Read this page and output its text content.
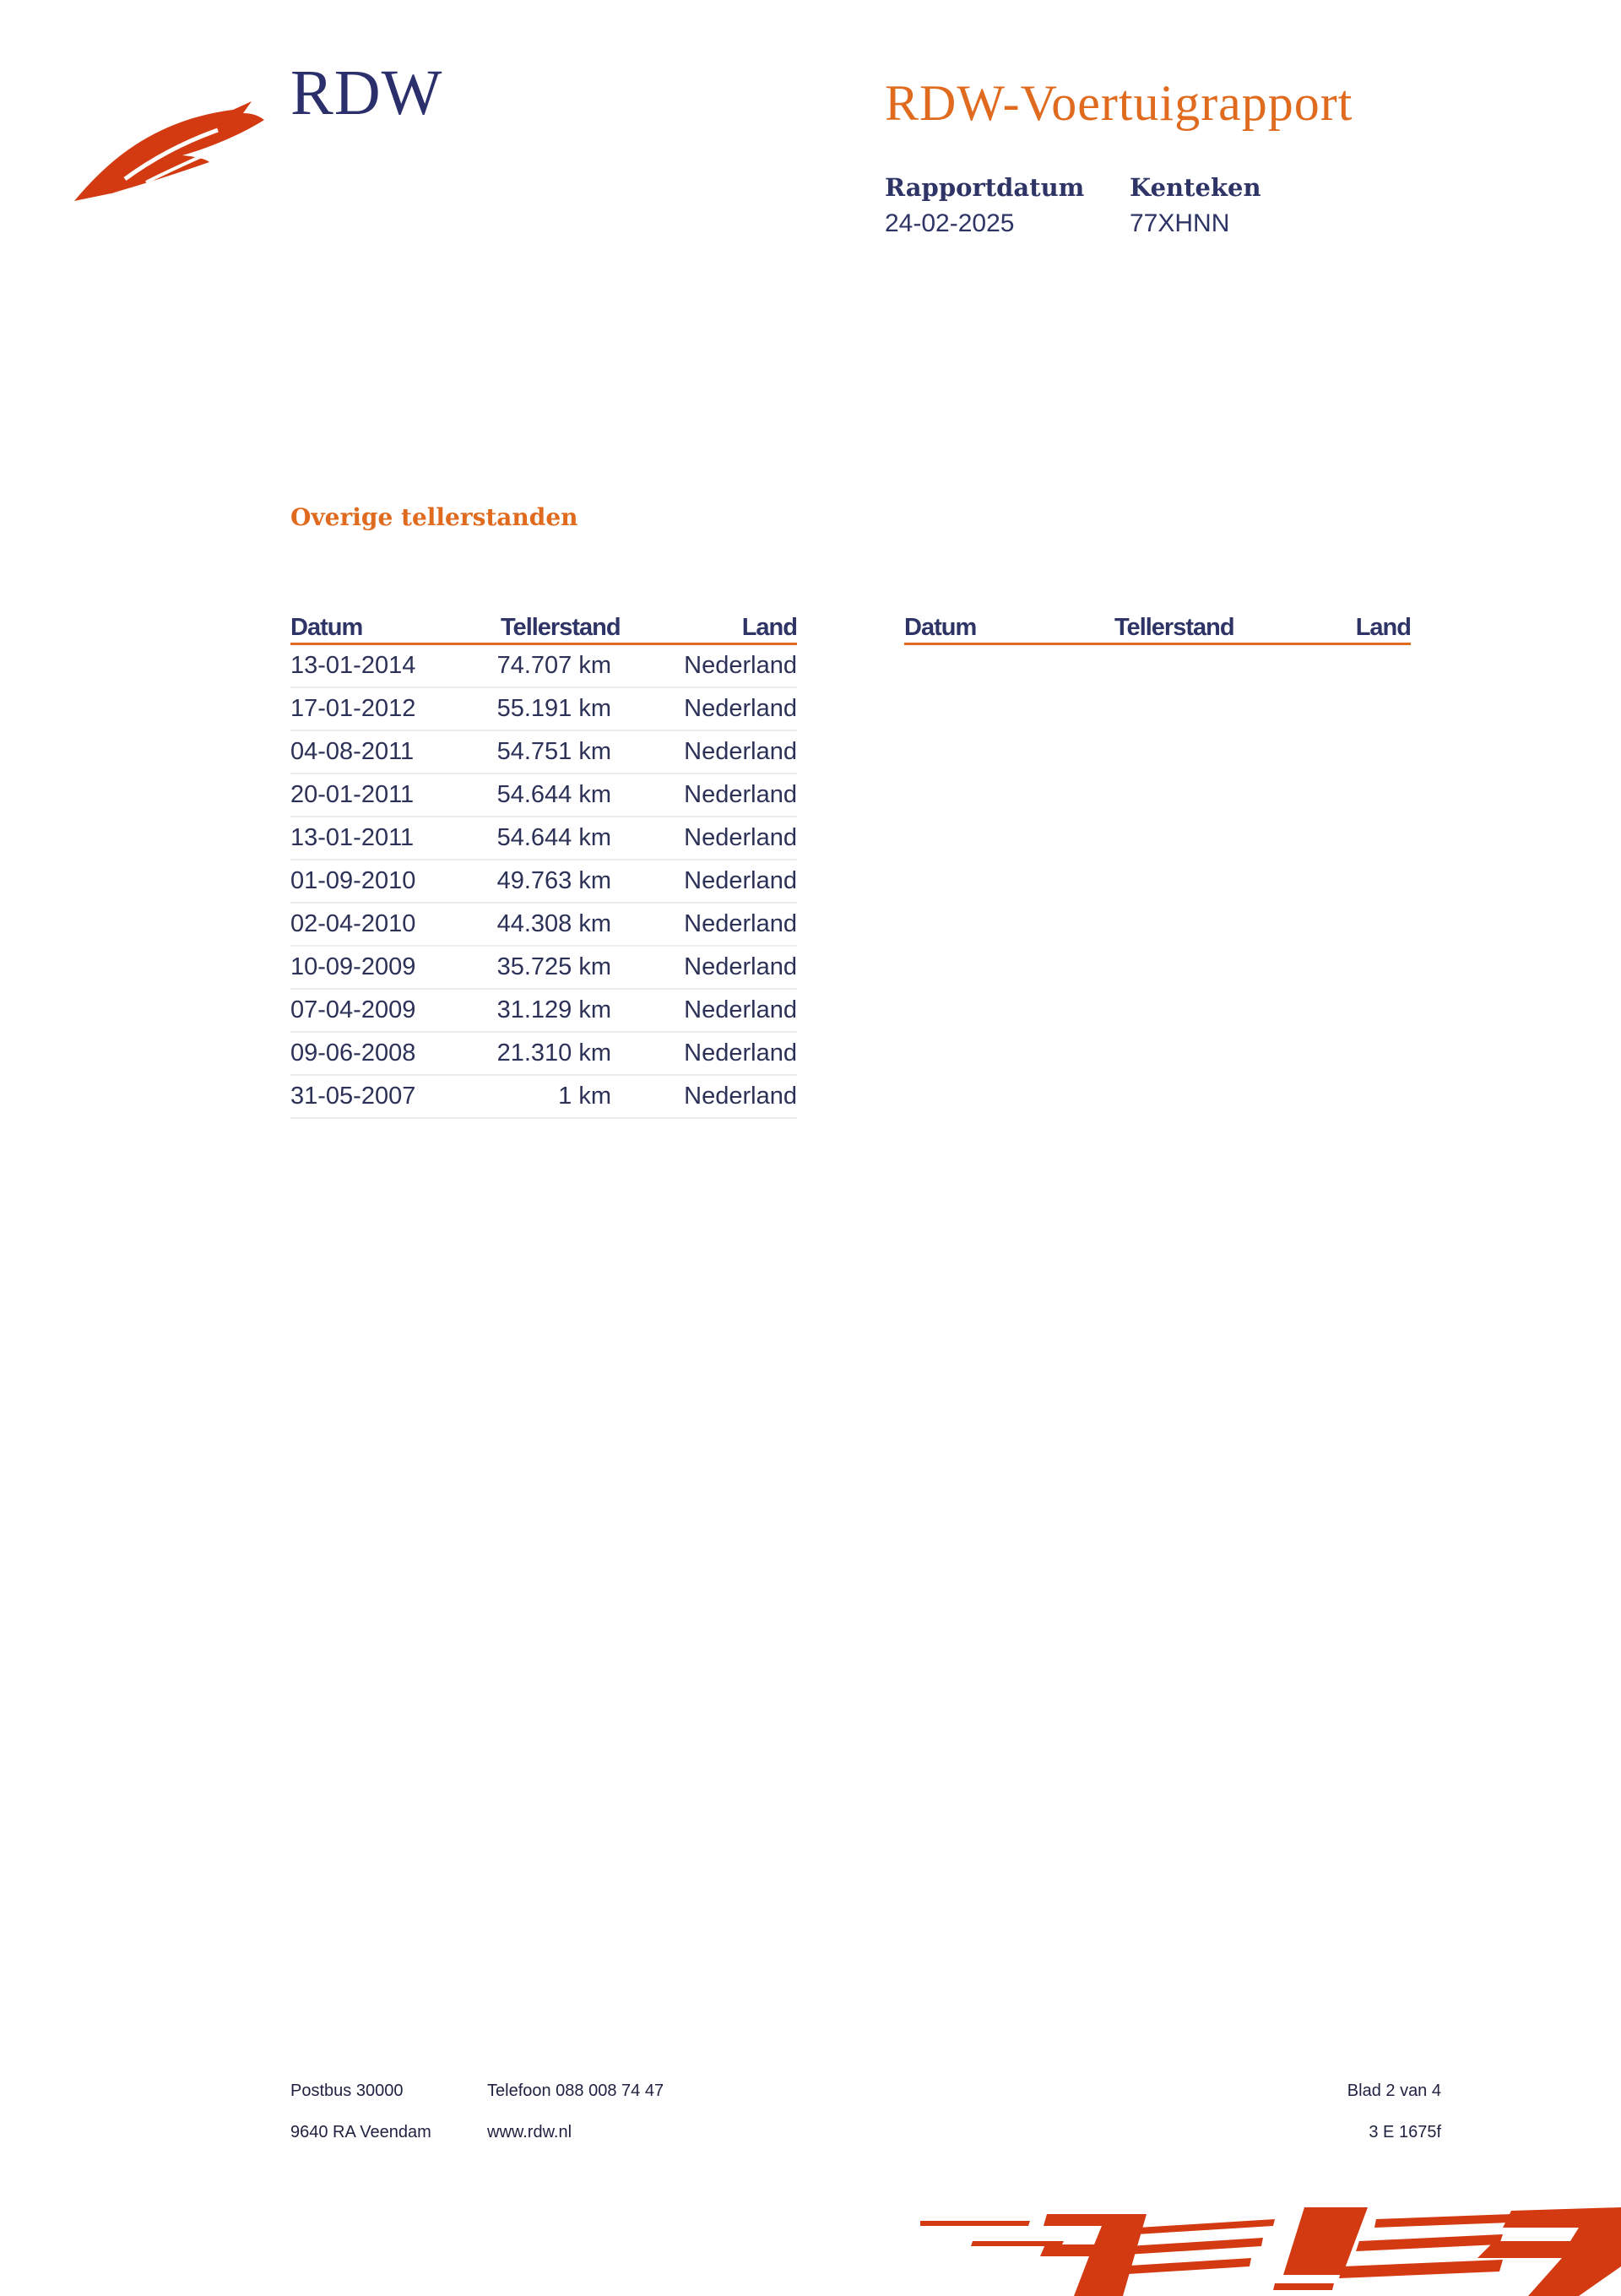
RDW	RDW-Voertuigrapport
Rapportdatum
24-02-2025
Kenteken
77XHNN
Overige tellerstanden
Datum	Tellerstand	Land
13-01-2014	74.707 km	Nederland
17-01-2012	55.191 km	Nederland
04-08-2011	54.751 km	Nederland
20-01-2011	54.644 km	Nederland
13-01-2011	54.644 km	Nederland
01-09-2010	49.763 km	Nederland
02-04-2010	44.308 km	Nederland
10-09-2009	35.725 km	Nederland
07-04-2009	31.129 km	Nederland
09-06-2008	21.310 km	Nederland
31-05-2007	1 km	Nederland
Datum	Tellerstand	Land
Postbus 30000
9640 RA Veendam
Telefoon 088 008 74 47
www.rdw.nl
Blad 2 van 4
3 E 1675f
